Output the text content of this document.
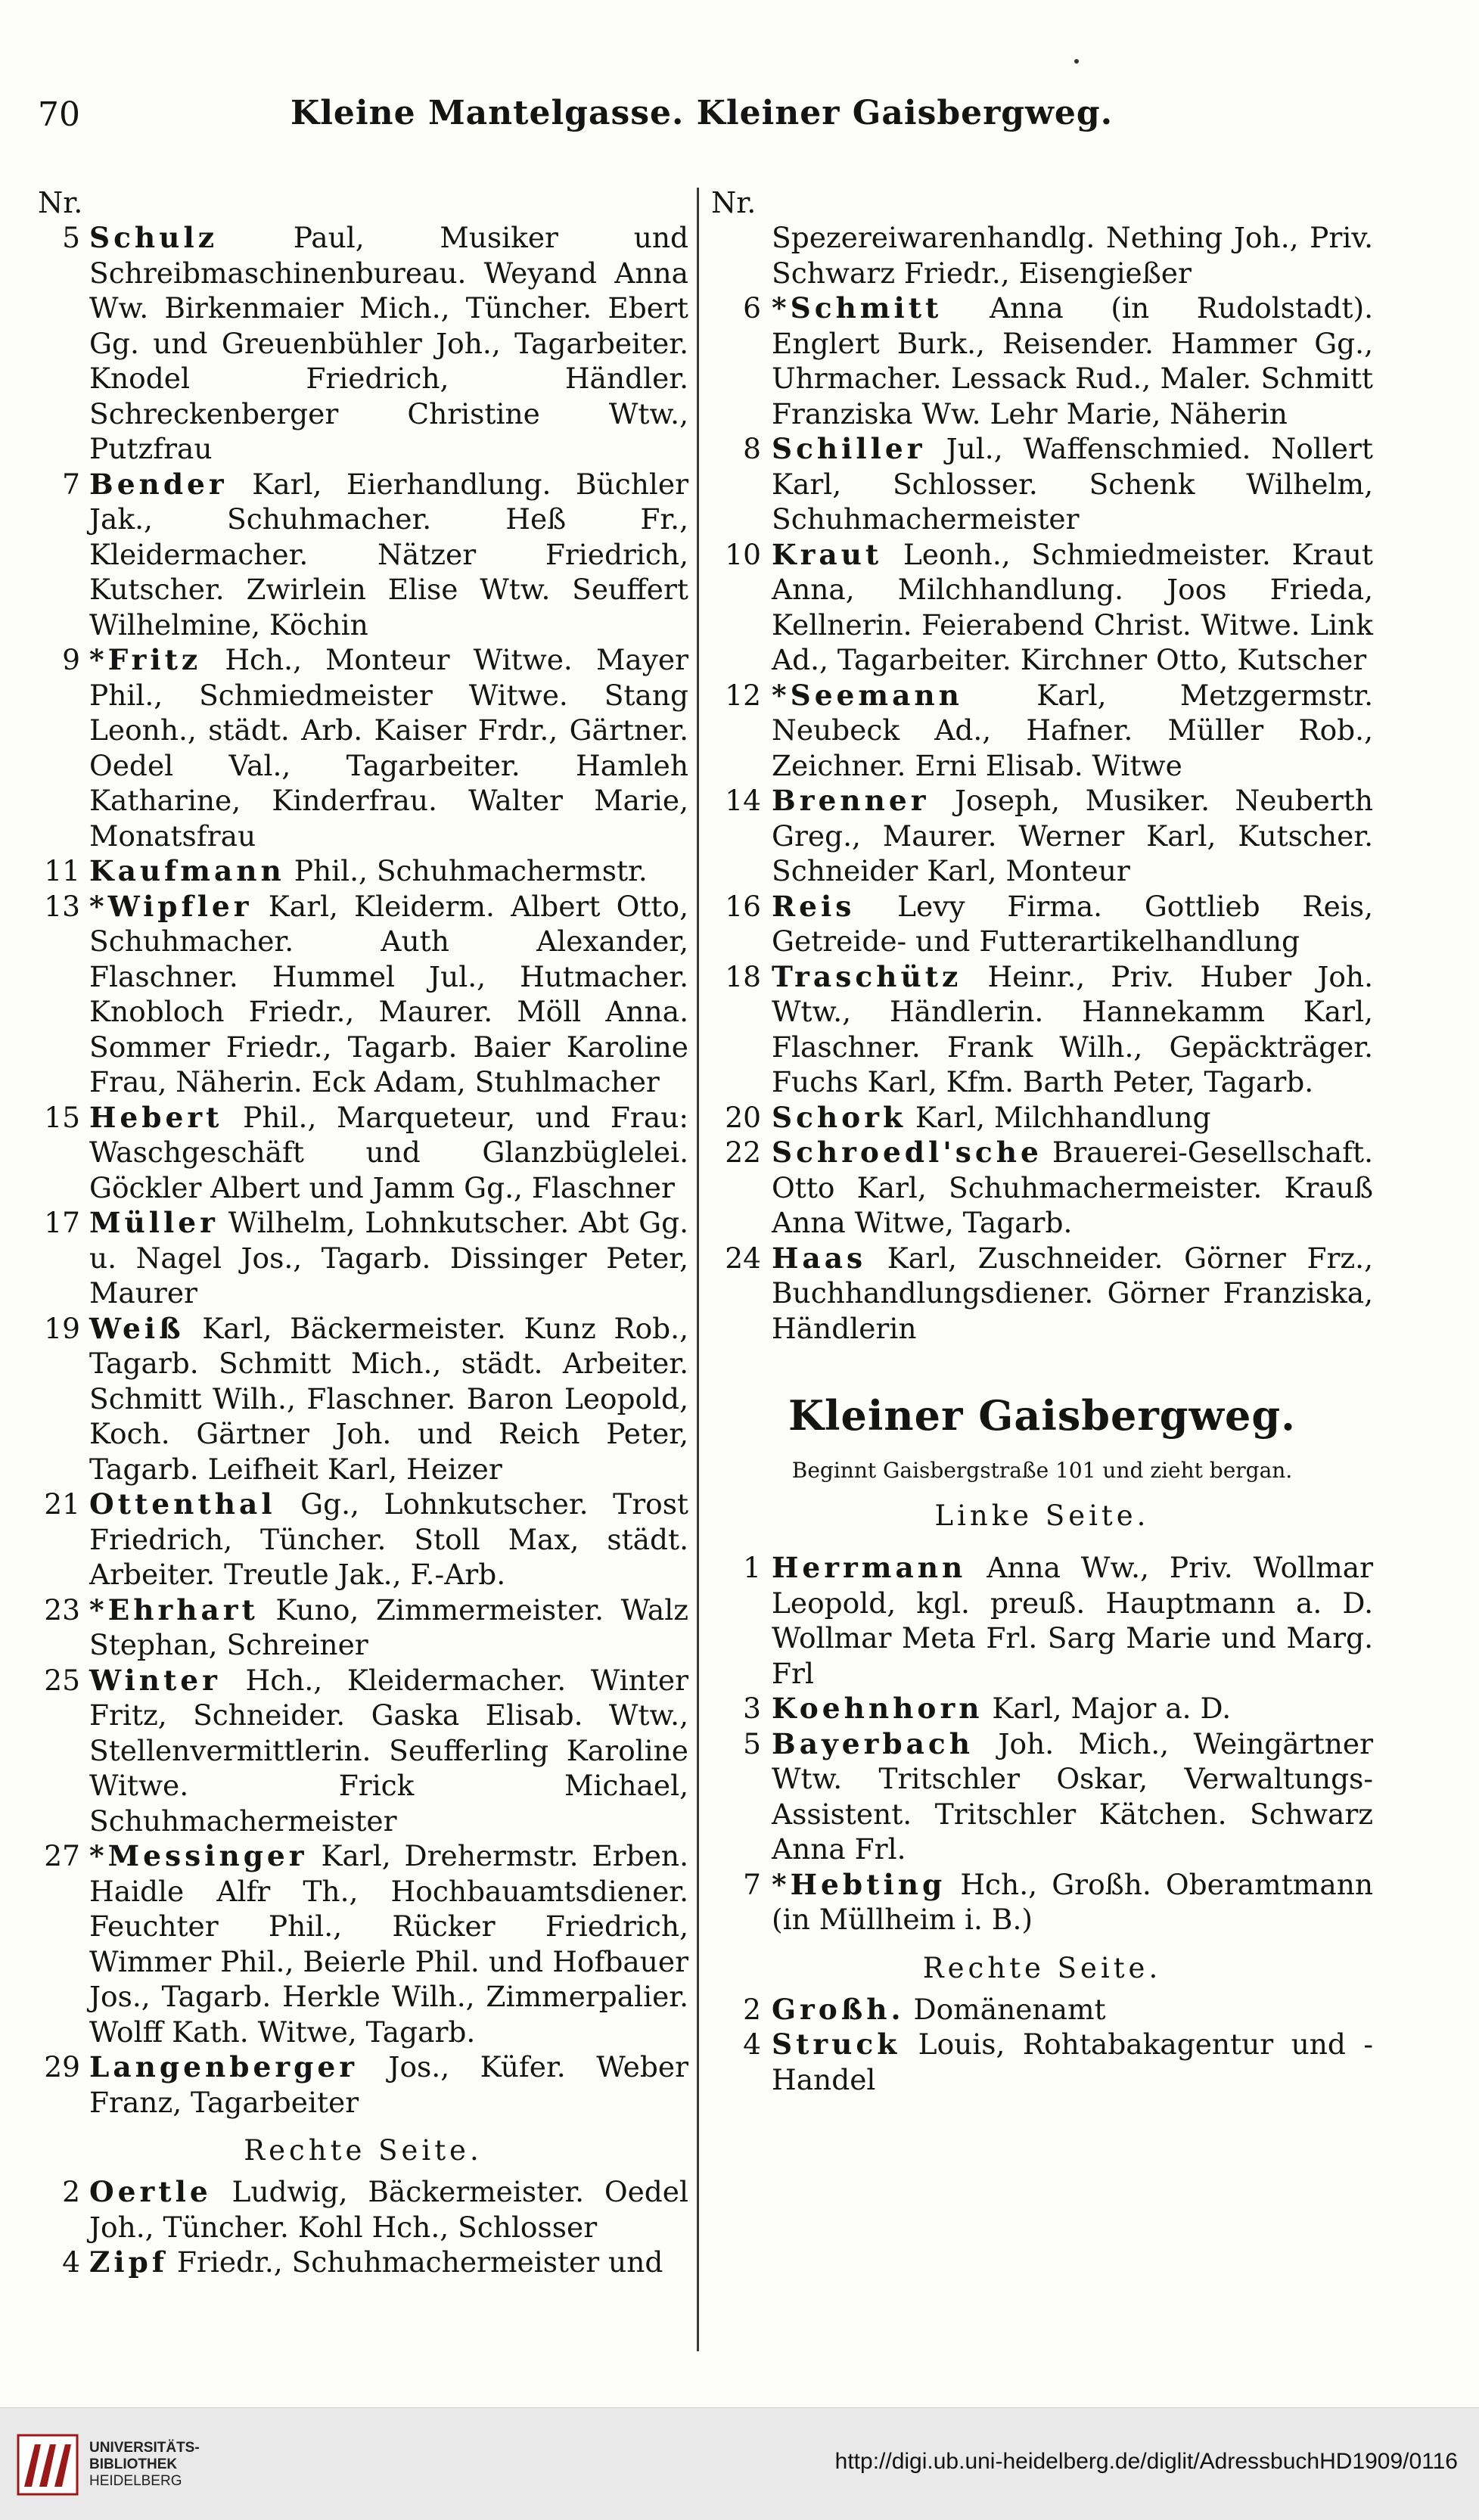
70	Kleine Mantelgasse. Kleiner Gaisbergweg.
Nr.
5 Schulz	Paul, Musiker und Schreibmaschinenbureau. Weyand Anna Ww. Birkenmaier Mich., Tüncher. Ebert Gg. und Greuenbühler Joh., Tagarbeiter. Knodel Friedrich, Händler. Schreckenberger Christine Wtw., Putzfrau
7 Bender Karl, Eierhandlung. Büchler Jak., Schuhmacher. Heß Fr., Kleidermacher. Nätzer Friedrich, Kutscher. Zwirlein Elise Wtw. Seuffert Wilhelmine, Köchin
9 *Fritz Hch., Monteur Witwe. Mayer Phil., Schmiedmeister Witwe. Stang Leonh., städt. Arb. Kaiser Frdr., Gärtner. Oedel Val., Tagarbeiter. Hamleh Katharine, Kinderfrau. Walter Marie, Monatsfrau
11 Kaufmann Phil., Schuhmachermstr.
13 *Wipfler Karl, Kleiderm. Albert Otto, Schuhmacher. Auth Alexander, Flaschner. Hummel Jul., Hutmacher. Knobloch Friedr., Maurer. Möll Anna. Sommer Friedr., Tagarb. Baier Karoline Frau, Näherin. Eck Adam, Stuhlmacher
15 Hebert Phil., Marqueteur, und Frau: Waschgeschäft und Glanzbüglelei. Göckler Albert und Jamm Gg., Flaschner
17 Müller Wilhelm, Lohnkutscher. Abt Gg. u. Nagel Jos., Tagarb. Dissinger Peter, Maurer
19 Weiß Karl, Bäckermeister. Kunz Rob., Tagarb. Schmitt Mich., städt. Arbeiter. Schmitt Wilh., Flaschner. Baron Leopold, Koch. Gärtner Joh. und Reich Peter, Tagarb. Leifheit Karl, Heizer
21 Ottenthal Gg., Lohnkutscher. Trost Friedrich, Tüncher. Stoll Max, städt. Arbeiter. Treutle Jak., F.-Arb.
23 *Ehrhart Kuno, Zimmermeister. Walz Stephan, Schreiner
25 Winter Hch., Kleidermacher. Winter Fritz, Schneider. Gaska Elisab. Wtw., Stellenvermittlerin. Seufferling Karoline Witwe. Frick Michael, Schuhmachermeister
27 *Messinger Karl, Drehermstr. Erben. Haidle Alfr Th., Hochbauamtsdiener. Feuchter Phil., Rücker Friedrich, Wimmer Phil., Beierle Phil. und Hofbauer Jos., Tagarb. Herkle Wilh., Zimmerpalier. Wolff Kath. Witwe, Tagarb.
29 Langenberger Jos., Küfer. Weber Franz, Tagarbeiter
Rechte Seite.
2 Oertle Ludwig, Bäckermeister. Oedel Joh., Tüncher. Kohl Hch., Schlosser
4 Zipf Friedr., Schuhmachermeister und
Nr.
Spezereiwarenhandlg. Nething Joh., Priv. Schwarz Friedr., Eisengießer
6 *Schmitt Anna (in Rudolstadt). Englert Burk., Reisender. Hammer Gg., Uhrmacher. Lessack Rud., Maler. Schmitt Franziska Ww. Lehr Marie, Näherin
8 Schiller Jul., Waffenschmied. Nollert Karl, Schlosser. Schenk Wilhelm, Schuhmachermeister
10 Kraut Leonh., Schmiedmeister. Kraut Anna, Milchhandlung. Joos Frieda, Kellnerin. Feierabend Christ. Witwe. Link Ad., Tagarbeiter. Kirchner Otto, Kutscher
12 *Seemann	Karl, Metzgermstr. Neubeck Ad., Hafner. Müller Rob., Zeichner. Erni Elisab. Witwe
14 Brenner Joseph, Musiker. Neuberth Greg., Maurer. Werner Karl, Kutscher. Schneider Karl, Monteur
16 Reis Levy Firma. Gottlieb Reis, Getreide- und Futterartikelhandlung
18 Traschütz Heinr., Priv. Huber Joh. Wtw., Händlerin. Hannekamm Karl, Flaschner. Frank Wilh., Gepäckträger. Fuchs Karl, Kfm. Barth Peter, Tagarb.
20 Schork Karl, Milchhandlung
22 Schroedl'sche Brauerei-Gesellschaft. Otto Karl, Schuhmachermeister. Krauß Anna Witwe, Tagarb.
24 Haas Karl, Zuschneider. Görner Frz., Buchhandlungsdiener. Görner Franziska, Händlerin
Kleiner Gaisbergweg.
Beginnt Gaisbergstraße 101 und zieht bergan.
Linke Seite.
1 Herrmann Anna Ww., Priv. Wollmar Leopold, kgl. preuß. Hauptmann a. D. Wollmar Meta Frl. Sarg Marie und Marg. Frl
3 Koehnhorn Karl, Major a. D.
5 Bayerbach Joh. Mich., Weingärtner Wtw. Tritschler Oskar, Verwaltungs-Assistent. Tritschler Kätchen. Schwarz Anna Frl.
7 *Hebting Hch., Großh. Oberamtmann (in Müllheim i. B.)
Rechte Seite.
2 Großh. Domänenamt
4 Struck Louis, Rohtabakagentur und -Handel
UNIVERSITÄTS-
BIBLIOTHEK
HEIDELBERG
http://digi.ub.uni-heidelberg.de/diglit/AdressbuchHD1909/0116
